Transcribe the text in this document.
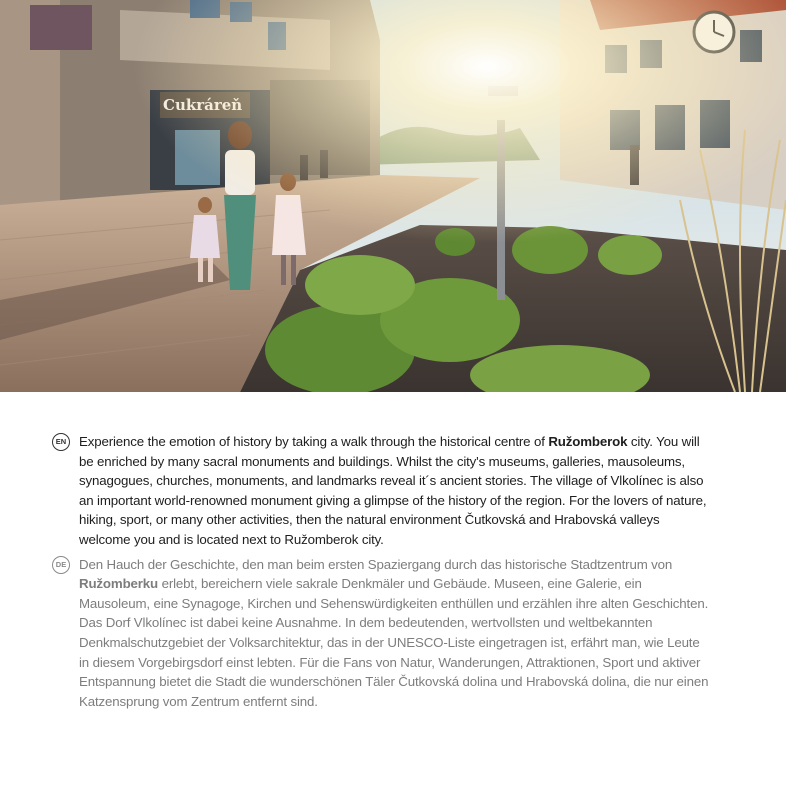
EN Experience the emotion of history by taking a walk through the historical centre of Ružomberok city. You will be enriched by many sacral monuments and buildings. Whilst the city's museums, galleries, mausoleums, synagogues, churches, monuments, and landmarks reveal it´s ancient stories. The village of Vlkolínec is also an important world-renowned monument giving a glimpse of the history of the region. For the lovers of nature, hiking, sport, or many other activities, then the natural environment Čutkovská and Hrabovská valleys welcome you and is located next to Ružomberok city.

DE Den Hauch der Geschichte, den man beim ersten Spaziergang durch das historische Stadtzentrum von Ružomberku erlebt, bereichern viele sakrale Denkmäler und Gebäude. Museen, eine Galerie, ein Mausoleum, eine Synagoge, Kirchen und Sehenswürdigkeiten enthüllen und erzählen ihre alten Geschichten. Das Dorf Vlkolínec ist dabei keine Ausnahme. In dem bedeutenden, wertvollsten und weltbekannten Denkmalschutzgebiet der Volksarchitektur, das in der UNESCO-Liste eingetragen ist, erfährt man, wie Leute in diesem Vorgebirgsdorf einst lebten. Für die Fans von Natur, Wanderungen, Attraktionen, Sport und aktiver Entspannung bietet die Stadt die wunderschönen Täler Čutkovská dolina und Hrabovská dolina, die nur einen Katzensprung vom Zentrum entfernt sind.
